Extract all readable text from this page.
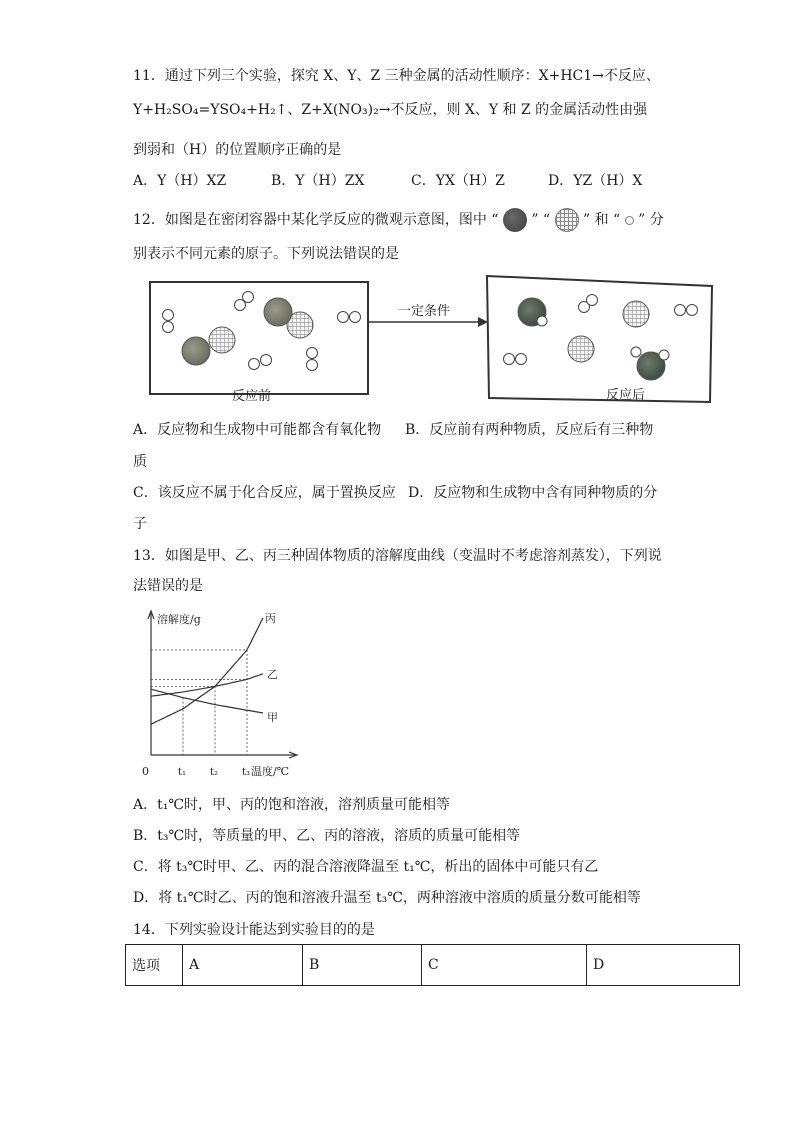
11．通过下列三个实验，探究 X、Y、Z 三种金属的活动性顺序：X+HC1→不反应、
Y+H₂SO₄=YSO₄+H₂↑、Z+X(NO₃)₂→不反应，则 X、Y 和 Z 的金属活动性由强
到弱和（H）的位置顺序正确的是
A．Y（H）XZ	B．Y（H）ZX	C．YX（H）Z	D．YZ（H）X
12．如图是在密闭容器中某化学反应的微观示意图，图中 “ ” “ ” 和 “ ” 分
别表示不同元素的原子。下列说法错误的是
一定条件
反应前	反应后
A．反应物和生成物中可能都含有氧化物 B．反应前有两种物质，反应后有三种物
质
C．该反应不属于化合反应，属于置换反应 D．反应物和生成物中含有同种物质的分
子
13．如图是甲、乙、丙三种固体物质的溶解度曲线（变温时不考虑溶剂蒸发），下列说
法错误的是
溶解度/g
温度/℃
0	t₁ t₂ t₃
丙
乙
甲
A．t₁℃时，甲、丙的饱和溶液，溶剂质量可能相等
B．t₃℃时，等质量的甲、乙、丙的溶液，溶质的质量可能相等
C．将 t₃℃时甲、乙、丙的混合溶液降温至 t₁℃，析出的固体中可能只有乙
D．将 t₁℃时乙、丙的饱和溶液升温至 t₃℃，两种溶液中溶质的质量分数可能相等
14．下列实验设计能达到实验目的的是
选项	A	B	C	D
